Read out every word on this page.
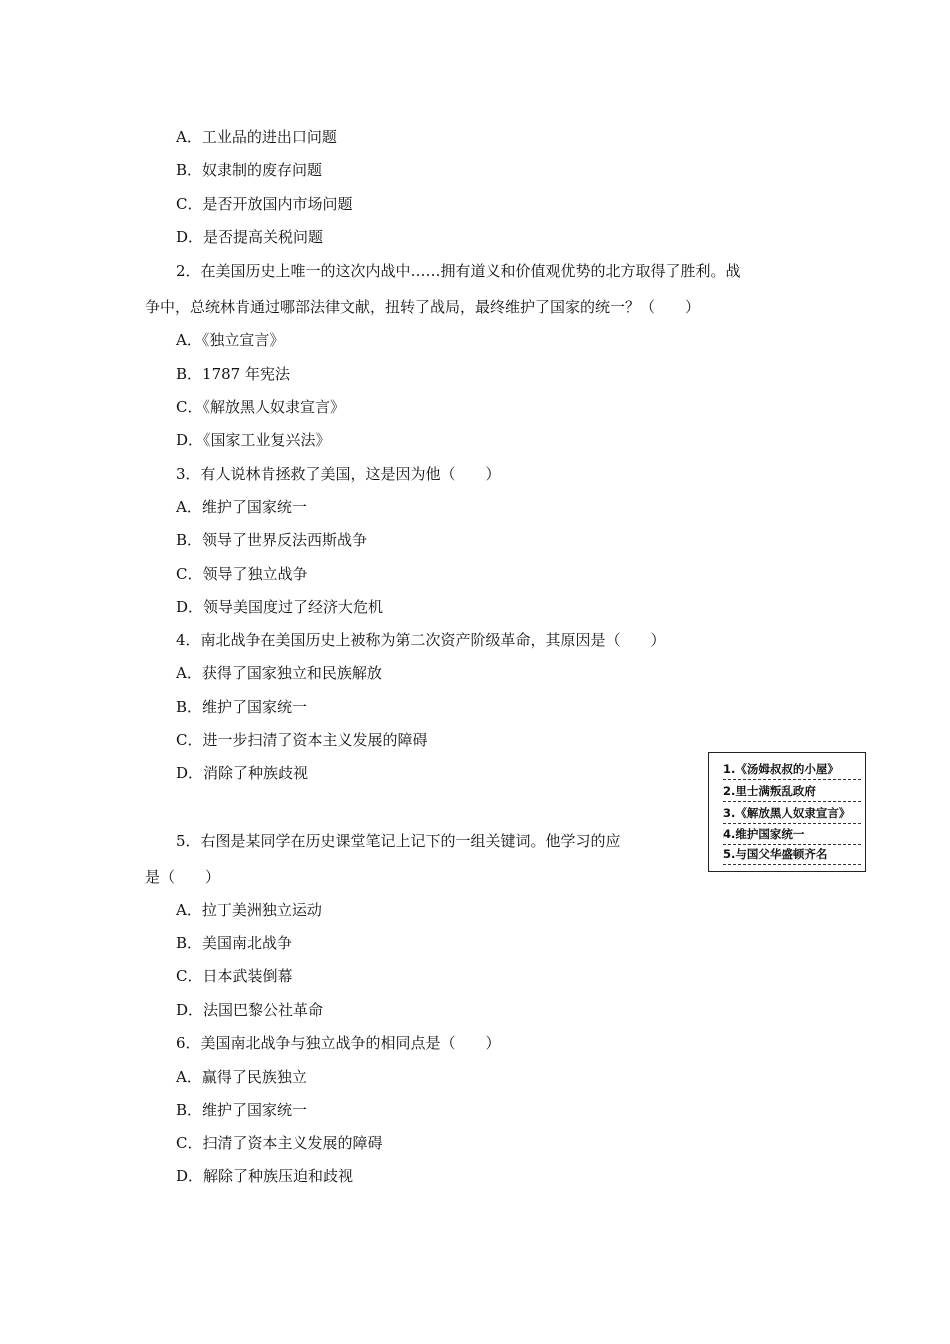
A．工业品的进出口问题
B．奴隶制的废存问题
C．是否开放国内市场问题
D．是否提高关税问题
2．在美国历史上唯一的这次内战中……拥有道义和价值观优势的北方取得了胜利。战
争中，总统林肯通过哪部法律文献，扭转了战局，最终维护了国家的统一？（　　）
A．《独立宣言》
B．1787 年宪法
C．《解放黑人奴隶宣言》
D．《国家工业复兴法》
3．有人说林肯拯救了美国，这是因为他（　　）
A．维护了国家统一
B．领导了世界反法西斯战争
C．领导了独立战争
D．领导美国度过了经济大危机
4．南北战争在美国历史上被称为第二次资产阶级革命，其原因是（　　）
A．获得了国家独立和民族解放
B．维护了国家统一
C．进一步扫清了资本主义发展的障碍
D．消除了种族歧视	1.《汤姆叔叔的小屋》
2.里士满叛乱政府
3.《解放黑人奴隶宣言》
4.维护国家统一
5.与国父华盛顿齐名
5．右图是某同学在历史课堂笔记上记下的一组关键词。他学习的应
是（　　）
A．拉丁美洲独立运动
B．美国南北战争
C．日本武装倒幕
D．法国巴黎公社革命
6．美国南北战争与独立战争的相同点是（　　）
A．赢得了民族独立
B．维护了国家统一
C．扫清了资本主义发展的障碍
D．解除了种族压迫和歧视
